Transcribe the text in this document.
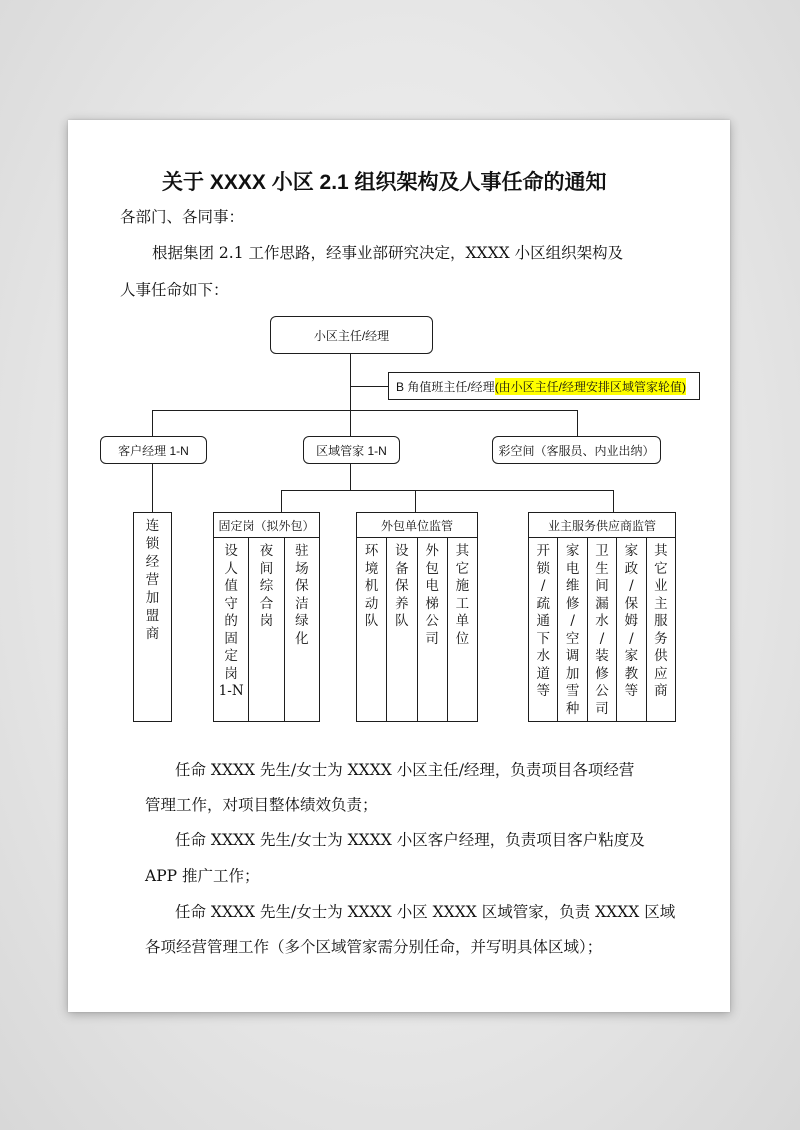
关于 XXXX 小区 2.1 组织架构及人事任命的通知
各部门、各同事：
根据集团 2.1 工作思路，经事业部研究决定，XXXX 小区组织架构及
人事任命如下：
小区主任/经理
B 角值班主任/经理 (由小区主任/经理安排区域管家轮值)
客户经理 1-N	区域管家 1-N	彩空间（客服员、内业出纳）
连
锁
经
营
加
盟
商
固定岗（拟外包）
设
人
值
守
的
固
定
岗
1-N
夜
间
综
合
岗
驻
场
保
洁
绿
化
外包单位监管
环
境
机
动
队
设
备
保
养
队
外
包
电
梯
公
司
其
它
施
工
单
位
业主服务供应商监管
开
锁
/
疏
通
下
水
道
等
家
电
维
修
/
空
调
加
雪
种
卫
生
间
漏
水
/
装
修
公
司
家
政
/
保
姆
/
家
教
等
其
它
业
主
服
务
供
应
商
任命 XXXX 先生/女士为 XXXX 小区主任/经理，负责项目各项经营
管理工作，对项目整体绩效负责；
任命 XXXX 先生/女士为 XXXX 小区客户经理，负责项目客户粘度及
APP 推广工作；
任命 XXXX 先生/女士为 XXXX 小区 XXXX 区域管家，负责 XXXX 区域
各项经营管理工作（多个区域管家需分别任命，并写明具体区域）；
